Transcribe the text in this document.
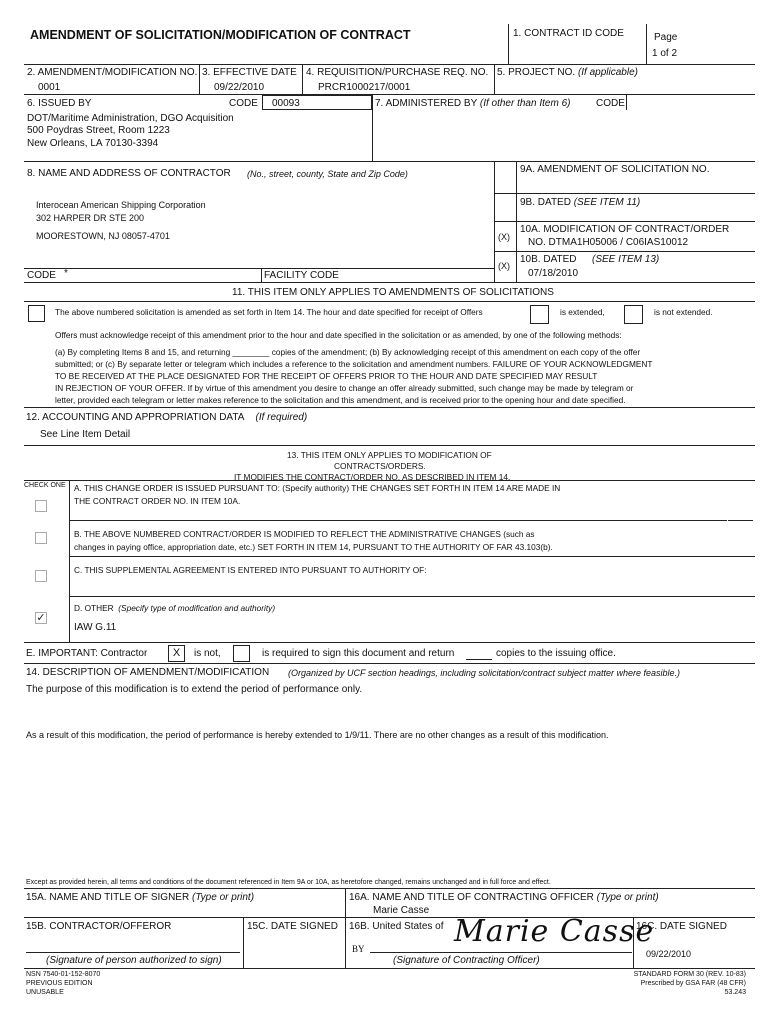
AMENDMENT OF SOLICITATION/MODIFICATION OF CONTRACT	1. CONTRACT ID CODE	Page
1 of 2
2. AMENDMENT/MODIFICATION NO.
0001
3. EFFECTIVE DATE
09/22/2010
4. REQUISITION/PURCHASE REQ. NO.
PRCR1000217/0001
5. PROJECT NO. (If applicable)
6. ISSUED BY	CODE 00093
DOT/Maritime Administration, DGO Acquisition
500 Poydras Street, Room 1223
New Orleans, LA 70130-3394
7. ADMINISTERED BY (If other than Item 6)	CODE
8. NAME AND ADDRESS OF CONTRACTOR (No., street, county, State and Zip Code)
Interocean American Shipping Corporation
302 HARPER DR STE 200
MOORESTOWN, NJ 08057-4701
CODE *	FACILITY CODE
9A. AMENDMENT OF SOLICITATION NO.
9B. DATED (SEE ITEM 11)
(X)
10A. MODIFICATION OF CONTRACT/ORDER
NO. DTMA1H05006 / C06IAS10012
(X)
10B. DATED (SEE ITEM 13)
07/18/2010
11. THIS ITEM ONLY APPLIES TO AMENDMENTS OF SOLICITATIONS
The above numbered solicitation is amended as set forth in Item 14. The hour and date specified for receipt of Offers	is extended,	is not extended.
Offers must acknowledge receipt of this amendment prior to the hour and date specified in the solicitation or as amended, by one of the following methods:
(a) By completing Items 8 and 15, and returning ________ copies of the amendment; (b) By acknowledging receipt of this amendment on each copy of the offer
submitted; or (c) By separate letter or telegram which includes a reference to the solicitation and amendment numbers. FAILURE OF YOUR ACKNOWLEDGMENT
TO BE RECEIVED AT THE PLACE DESIGNATED FOR THE RECEIPT OF OFFERS PRIOR TO THE HOUR AND DATE SPECIFIED MAY RESULT
IN REJECTION OF YOUR OFFER. If by virtue of this amendment you desire to change an offer already submitted, such change may be made by telegram or
letter, provided each telegram or letter makes reference to the solicitation and this amendment, and is received prior to the opening hour and date specified.
12. ACCOUNTING AND APPROPRIATION DATA (If required)
See Line Item Detail
13. THIS ITEM ONLY APPLIES TO MODIFICATION OF
CONTRACTS/ORDERS.
IT MODIFIES THE CONTRACT/ORDER NO. AS DESCRIBED IN ITEM 14.
CHECK ONE A. THIS CHANGE ORDER IS ISSUED PURSUANT TO: (Specify authority) THE CHANGES SET FORTH IN ITEM 14 ARE MADE IN
THE CONTRACT ORDER NO. IN ITEM 10A.
B. THE ABOVE NUMBERED CONTRACT/ORDER IS MODIFIED TO REFLECT THE ADMINISTRATIVE CHANGES (such as
changes in paying office, appropriation date, etc.) SET FORTH IN ITEM 14, PURSUANT TO THE AUTHORITY OF FAR 43.103(b).
C. THIS SUPPLEMENTAL AGREEMENT IS ENTERED INTO PURSUANT TO AUTHORITY OF:
D. OTHER (Specify type of modification and authority)
IAW G.11
✓
E. IMPORTANT: Contractor	X	is not,	is required to sign this document and return	copies to the issuing office.
14. DESCRIPTION OF AMENDMENT/MODIFICATION (Organized by UCF section headings, including solicitation/contract subject matter where feasible.)
The purpose of this modification is to extend the period of performance only.
As a result of this modification, the period of performance is hereby extended to 1/9/11. There are no other changes as a result of this modification.
Except as provided herein, all terms and conditions of the document referenced in Item 9A or 10A, as heretofore changed, remains unchanged and in full force and effect.
15A. NAME AND TITLE OF SIGNER (Type or print)	16A. NAME AND TITLE OF CONTRACTING OFFICER (Type or print)
Marie Casse
15B. CONTRACTOR/OFFEROR	15C. DATE SIGNED 16B. United States of
BY	Marie Casse
16C. DATE SIGNED
09/22/2010
(Signature of person authorized to sign)	(Signature of Contracting Officer)
NSN 7540-01-152-8070
PREVIOUS EDITION
UNUSABLE
STANDARD FORM 30 (REV. 10-83)
Prescribed by GSA FAR (48 CFR)
53.243
